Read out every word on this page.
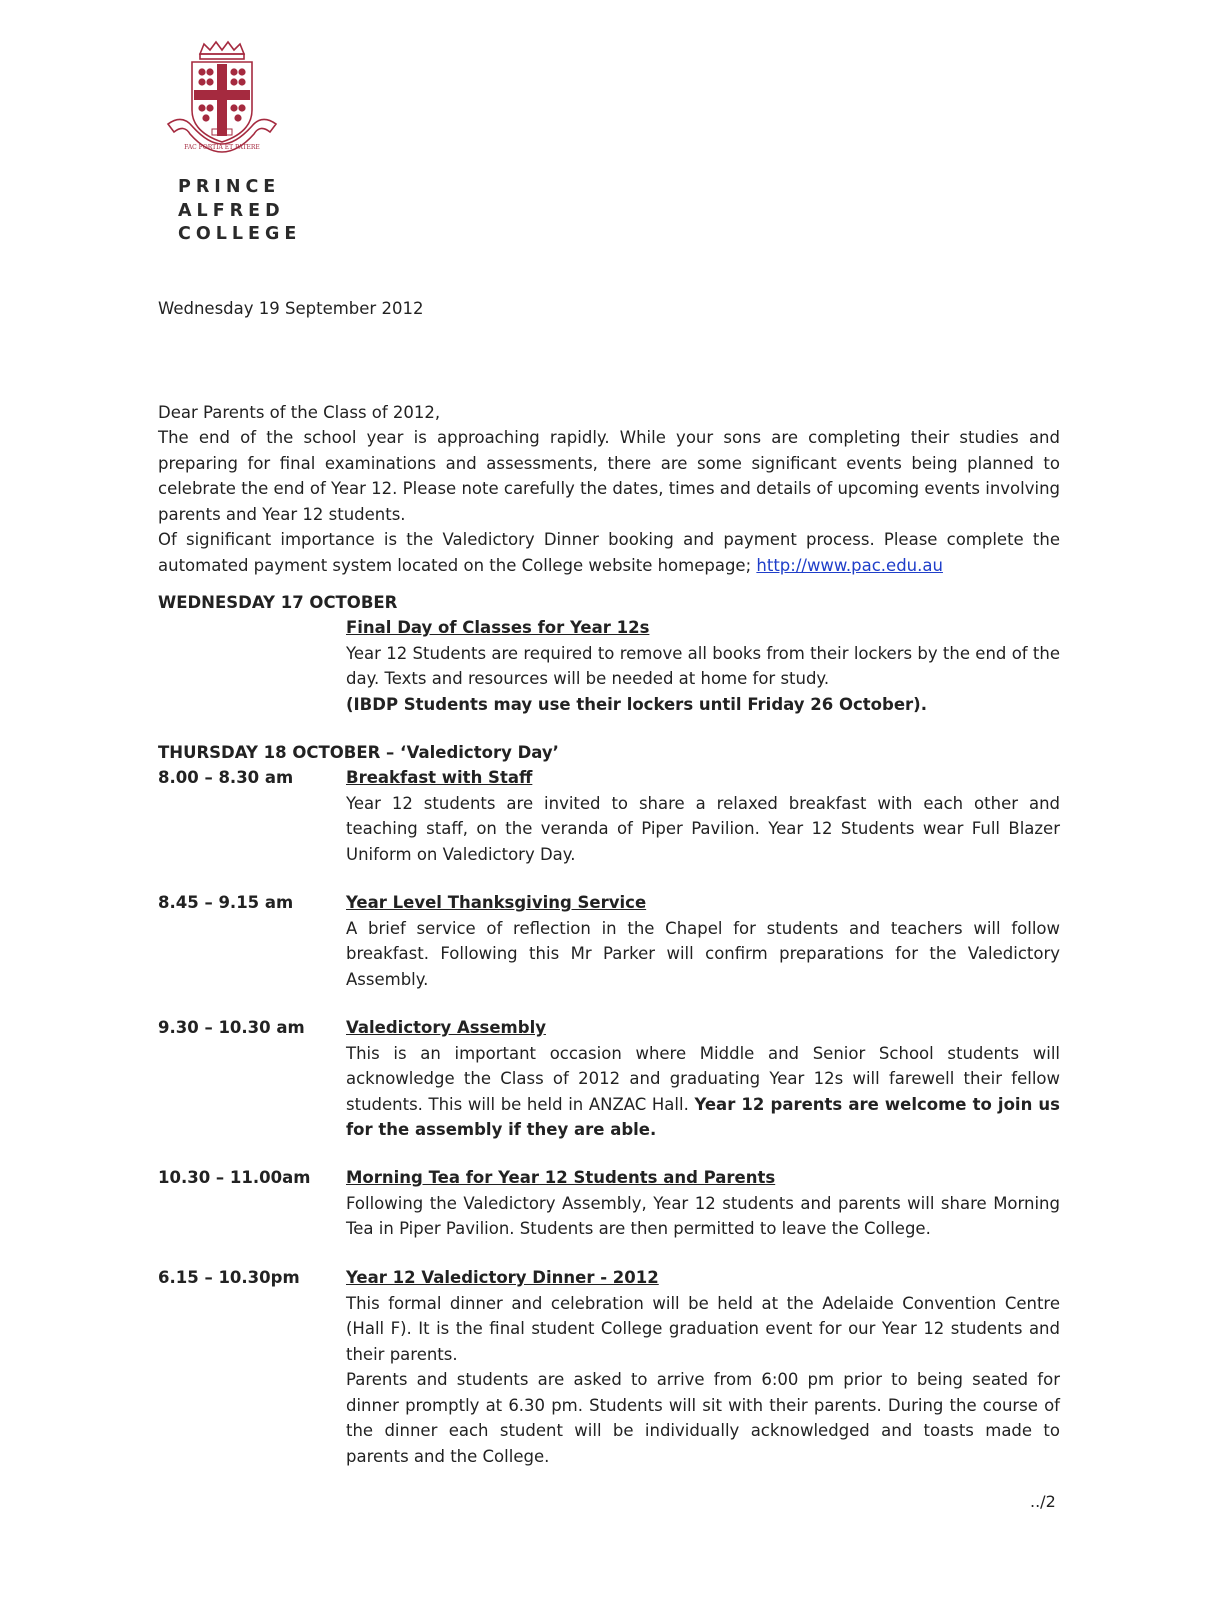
FAC FORTIA ET PATERE
PRINCE
ALFRED
COLLEGE
Wednesday 19 September 2012
Dear Parents of the Class of 2012,
The end of the school year is approaching rapidly. While your sons are completing their studies and preparing for final examinations and assessments, there are some significant events being planned to celebrate the end of Year 12. Please note carefully the dates, times and details of upcoming events involving parents and Year 12 students.
Of significant importance is the Valedictory Dinner booking and payment process. Please complete the automated payment system located on the College website homepage; http://www.pac.edu.au
WEDNESDAY 17 OCTOBER
Final Day of Classes for Year 12s
Year 12 Students are required to remove all books from their lockers by the end of the day. Texts and resources will be needed at home for study.
(IBDP Students may use their lockers until Friday 26 October).
THURSDAY 18 OCTOBER – ‘Valedictory Day’
8.00 – 8.30 am	Breakfast with Staff
Year 12 students are invited to share a relaxed breakfast with each other and teaching staff, on the veranda of Piper Pavilion. Year 12 Students wear Full Blazer Uniform on Valedictory Day.
8.45 – 9.15 am	Year Level Thanksgiving Service
A brief service of reflection in the Chapel for students and teachers will follow breakfast. Following this Mr Parker will confirm preparations for the Valedictory Assembly.
9.30 – 10.30 am	Valedictory Assembly
This is an important occasion where Middle and Senior School students will acknowledge the Class of 2012 and graduating Year 12s will farewell their fellow students. This will be held in ANZAC Hall. Year 12 parents are welcome to join us for the assembly if they are able.
10.30 – 11.00am Morning Tea for Year 12 Students and Parents
Following the Valedictory Assembly, Year 12 students and parents will share Morning Tea in Piper Pavilion. Students are then permitted to leave the College.
6.15 – 10.30pm	Year 12 Valedictory Dinner - 2012
This formal dinner and celebration will be held at the Adelaide Convention Centre (Hall F). It is the final student College graduation event for our Year 12 students and their parents.
Parents and students are asked to arrive from 6:00 pm prior to being seated for dinner promptly at 6.30 pm. Students will sit with their parents. During the course of the dinner each student will be individually acknowledged and toasts made to parents and the College.
../2
